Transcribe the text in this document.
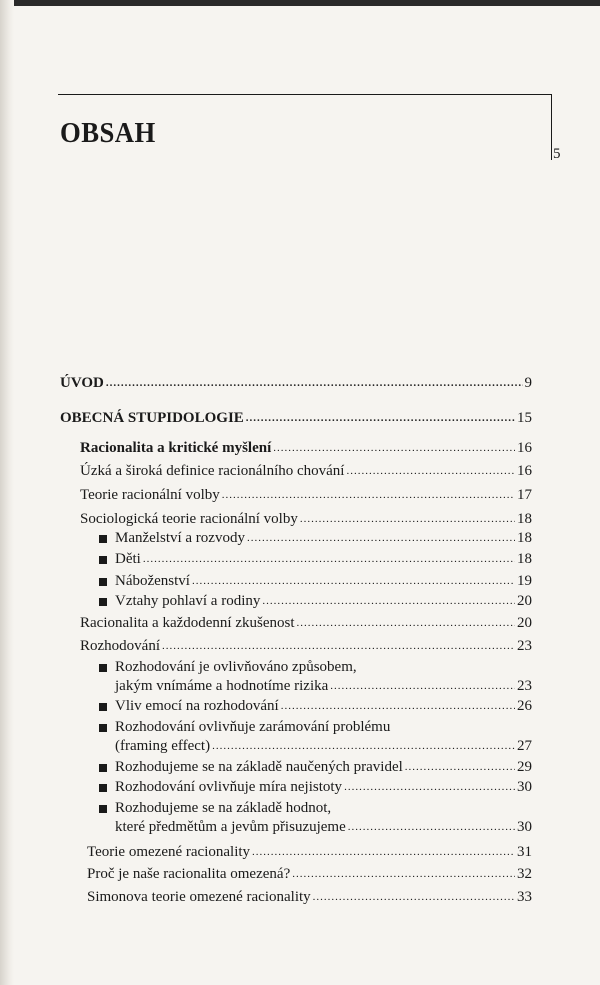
5
OBSAH
ÚVOD .....	9
OBECNÁ STUPIDOLOGIE .....	15
Racionalita a kritické myšlení .....	16
Úzká a široká definice racionálního chování .....	16
Teorie racionální volby .....	17
Sociologická teorie racionální volby .....	18
Manželství a rozvody .....	18
Děti .....	18
Náboženství .....	19
Vztahy pohlaví a rodiny .....	20
Racionalita a každodenní zkušenost .....	20
Rozhodování .....	23
Rozhodování je ovlivňováno způsobem,
jakým vnímáme a hodnotíme rizika .....	23
Vliv emocí na rozhodování .....	26
Rozhodování ovlivňuje zarámování problému
(framing effect) .....	27
Rozhodujeme se na základě naučených pravidel .....	29
Rozhodování ovlivňuje míra nejistoty .....	30
Rozhodujeme se na základě hodnot,
které předmětům a jevům přisuzujeme .....	30
Teorie omezené racionality .....	31
Proč je naše racionalita omezená? .....	32
Simonova teorie omezené racionality .....	33
